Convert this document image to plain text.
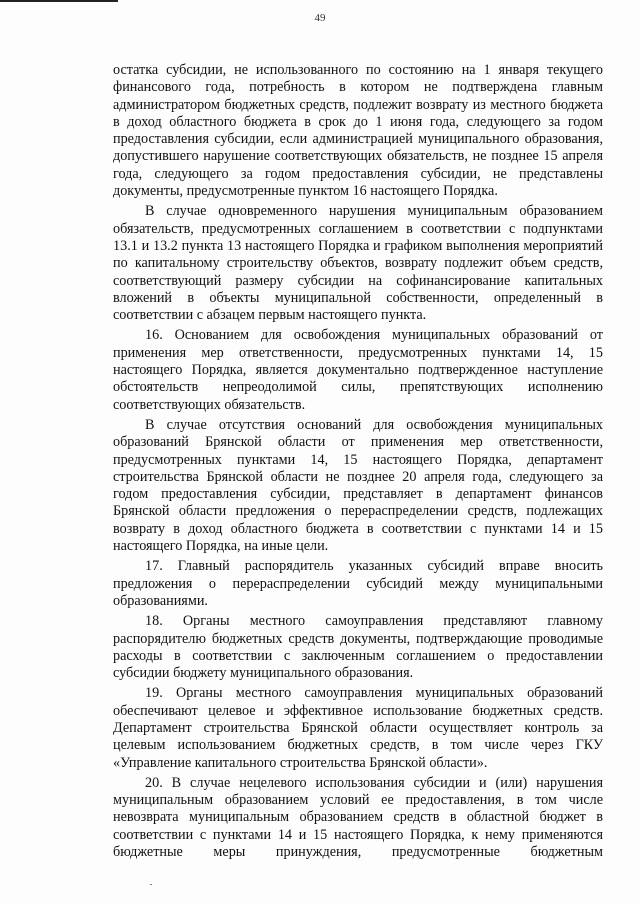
49

остатка субсидии, не использованного по состоянию на 1 января текущего финансового года, потребность в котором не подтверждена главным администратором бюджетных средств, подлежит возврату из местного бюджета в доход областного бюджета в срок до 1 июня года, следующего за годом предоставления субсидии, если администрацией муниципального образования, допустившего нарушение соответствующих обязательств, не позднее 15 апреля года, следующего за годом предоставления субсидии, не представлены документы, предусмотренные пунктом 16 настоящего Порядка.

В случае одновременного нарушения муниципальным образованием обязательств, предусмотренных соглашением в соответствии с подпунктами 13.1 и 13.2 пункта 13 настоящего Порядка и графиком выполнения мероприятий по капитальному строительству объектов, возврату подлежит объем средств, соответствующий размеру субсидии на софинансирование капитальных вложений в объекты муниципальной собственности, определенный в соответствии с абзацем первым настоящего пункта.

16. Основанием для освобождения муниципальных образований от применения мер ответственности, предусмотренных пунктами 14, 15 настоящего Порядка, является документально подтвержденное наступление обстоятельств непреодолимой силы, препятствующих исполнению соответствующих обязательств.

В случае отсутствия оснований для освобождения муниципальных образований Брянской области от применения мер ответственности, предусмотренных пунктами 14, 15 настоящего Порядка, департамент строительства Брянской области не позднее 20 апреля года, следующего за годом предоставления субсидии, представляет в департамент финансов Брянской области предложения о перераспределении средств, подлежащих возврату в доход областного бюджета в соответствии с пунктами 14 и 15 настоящего Порядка, на иные цели.

17. Главный распорядитель указанных субсидий вправе вносить предложения о перераспределении субсидий между муниципальными образованиями.

18. Органы местного самоуправления представляют главному распорядителю бюджетных средств документы, подтверждающие проводимые расходы в соответствии с заключенным соглашением о предоставлении субсидии бюджету муниципального образования.

19. Органы местного самоуправления муниципальных образований обеспечивают целевое и эффективное использование бюджетных средств. Департамент строительства Брянской области осуществляет контроль за целевым использованием бюджетных средств, в том числе через ГКУ «Управление капитального строительства Брянской области».

20. В случае нецелевого использования субсидии и (или) нарушения муниципальным образованием условий ее предоставления, в том числе невозврата муниципальным образованием средств в областной бюджет в соответствии с пунктами 14 и 15 настоящего Порядка, к нему применяются бюджетные меры принуждения, предусмотренные бюджетным
